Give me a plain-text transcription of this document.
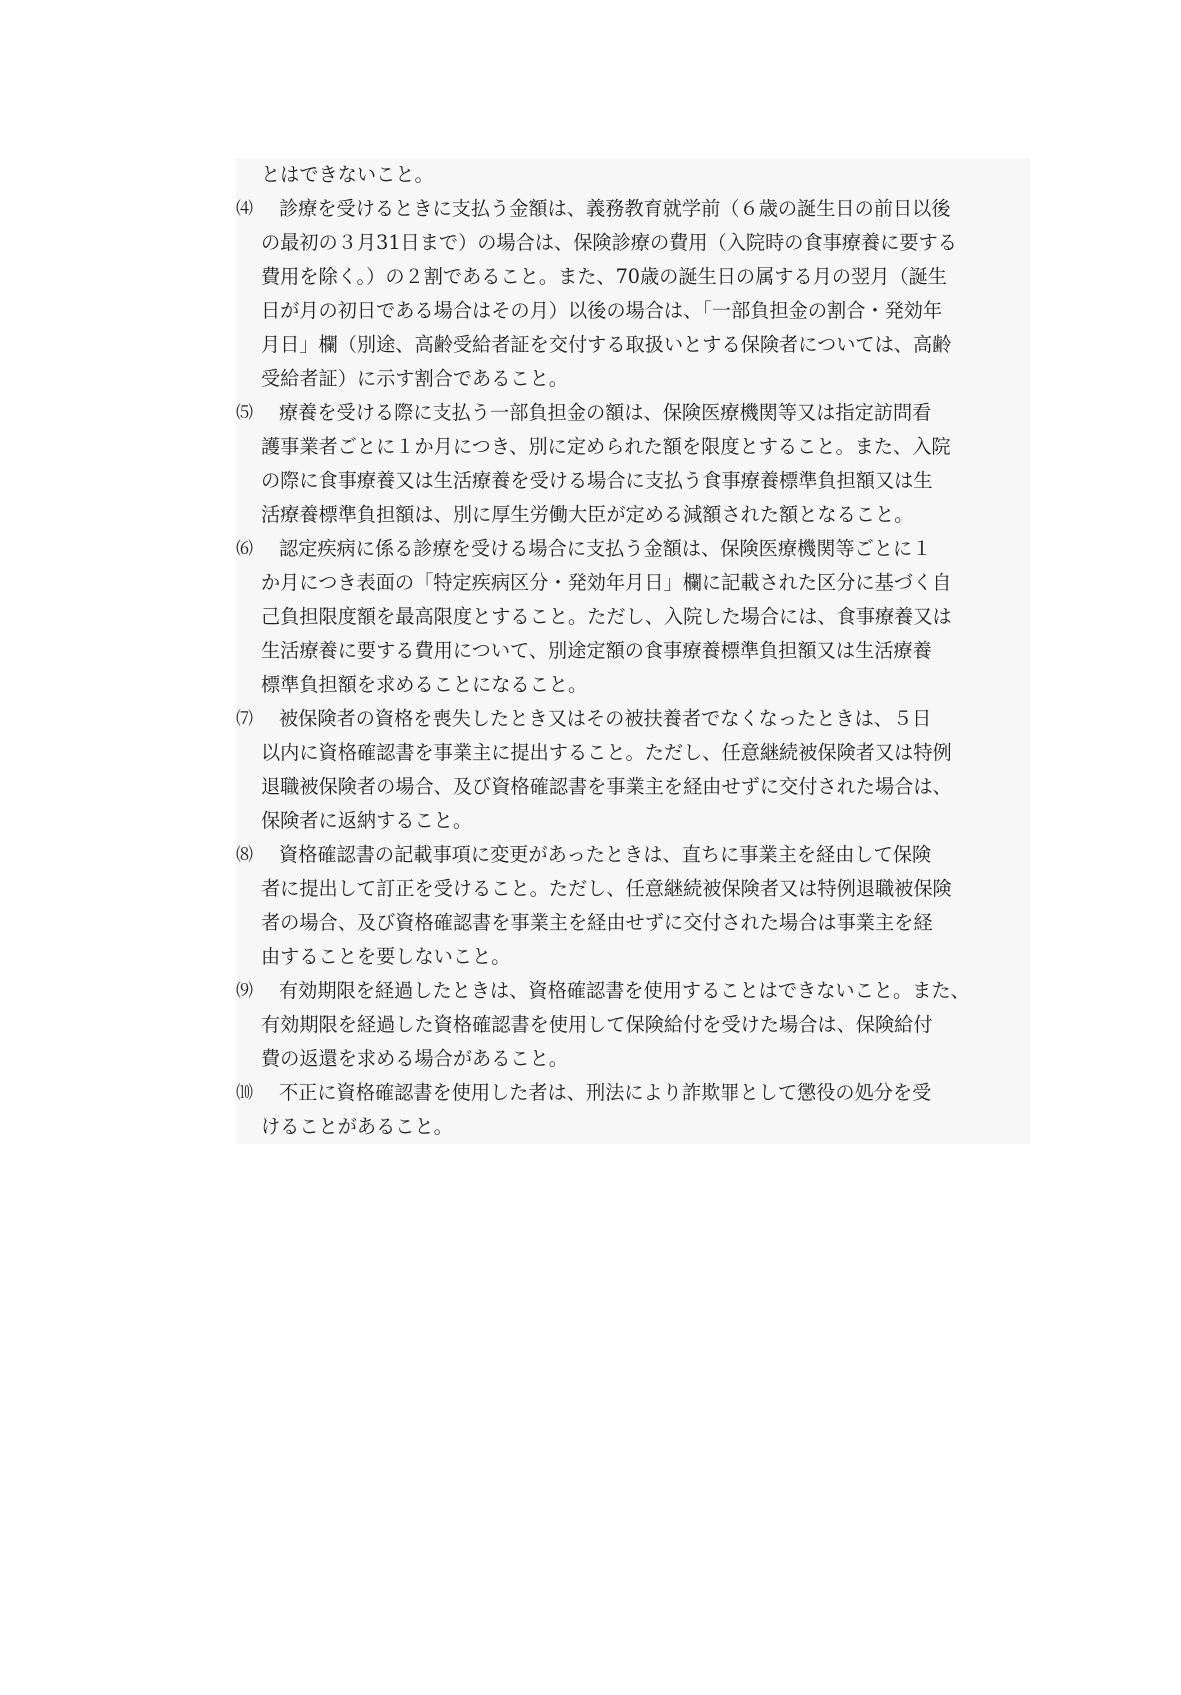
とはできないこと。
⑷ 診療を受けるときに支払う金額は、義務教育就学前（６歳の誕生日の前日以後
の最初の３月31日まで）の場合は、保険診療の費用（入院時の食事療養に要する
費用を除く。）の２割であること。また、70歳の誕生日の属する月の翌月（誕生
日が月の初日である場合はその月）以後の場合は、「一部負担金の割合・発効年
月日」欄（別途、高齢受給者証を交付する取扱いとする保険者については、高齢
受給者証）に示す割合であること。
⑸ 療養を受ける際に支払う一部負担金の額は、保険医療機関等又は指定訪問看
護事業者ごとに１か月につき、別に定められた額を限度とすること。また、入院
の際に食事療養又は生活療養を受ける場合に支払う食事療養標準負担額又は生
活療養標準負担額は、別に厚生労働大臣が定める減額された額となること。
⑹ 認定疾病に係る診療を受ける場合に支払う金額は、保険医療機関等ごとに１
か月につき表面の「特定疾病区分・発効年月日」欄に記載された区分に基づく自
己負担限度額を最高限度とすること。ただし、入院した場合には、食事療養又は
生活療養に要する費用について、別途定額の食事療養標準負担額又は生活療養
標準負担額を求めることになること。
⑺ 被保険者の資格を喪失したとき又はその被扶養者でなくなったときは、５日
以内に資格確認書を事業主に提出すること。ただし、任意継続被保険者又は特例
退職被保険者の場合、及び資格確認書を事業主を経由せずに交付された場合は、
保険者に返納すること。
⑻ 資格確認書の記載事項に変更があったときは、直ちに事業主を経由して保険
者に提出して訂正を受けること。ただし、任意継続被保険者又は特例退職被保険
者の場合、及び資格確認書を事業主を経由せずに交付された場合は事業主を経
由することを要しないこと。
⑼ 有効期限を経過したときは、資格確認書を使用することはできないこと。また、
有効期限を経過した資格確認書を使用して保険給付を受けた場合は、保険給付
費の返還を求める場合があること。
⑽ 不正に資格確認書を使用した者は、刑法により詐欺罪として懲役の処分を受
けることがあること。
